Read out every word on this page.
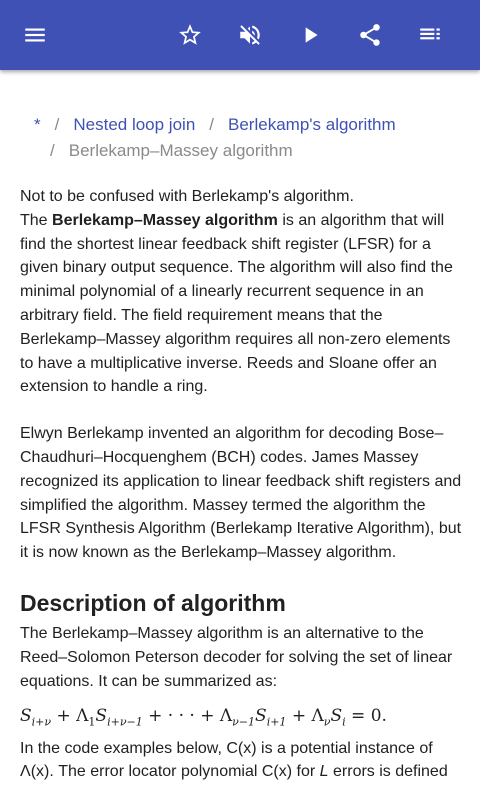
* / Nested loop join / Berlekamp's algorithm
/ Berlekamp–Massey algorithm
Not to be confused with Berlekamp's algorithm.

The Berlekamp–Massey algorithm is an algorithm that will find the shortest linear feedback shift register (LFSR) for a given binary output sequence. The algorithm will also find the minimal polynomial of a linearly recurrent sequence in an arbitrary field. The field requirement means that the Berlekamp–Massey algorithm requires all non-zero elements to have a multiplicative inverse. Reeds and Sloane offer an extension to handle a ring.

Elwyn Berlekamp invented an algorithm for decoding Bose–Chaudhuri–Hocquenghem (BCH) codes. James Massey recognized its application to linear feedback shift registers and simplified the algorithm. Massey termed the algorithm the LFSR Synthesis Algorithm (Berlekamp Iterative Algorithm), but it is now known as the Berlekamp–Massey algorithm.

Description of algorithm

The Berlekamp–Massey algorithm is an alternative to the Reed–Solomon Peterson decoder for solving the set of linear equations. It can be summarized as:

$S_{i+\nu} + \Lambda_1S_{i+\nu-1}$ + · · · + $\Lambda_{\nu-1}S_{i+1} + \Lambda_\nu S_i = 0$.

In the code examples below, C(x) is a potential instance of Λ(x). The error locator polynomial C(x) for L errors is defined
